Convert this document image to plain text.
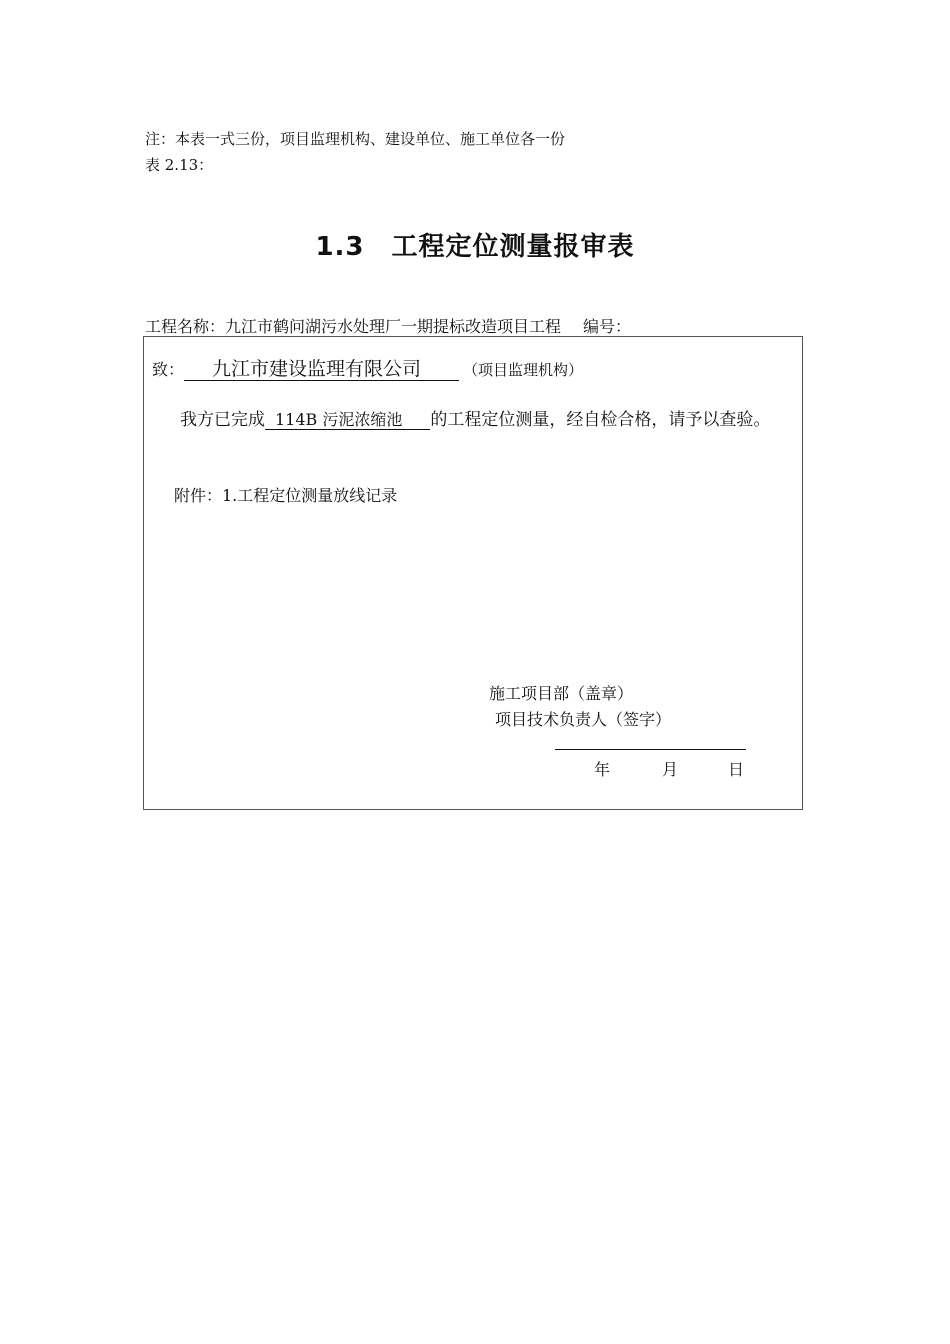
注：本表一式三份，项目监理机构、建设单位、施工单位各一份
表 2.13：
1.3　工程定位测量报审表
工程名称：九江市鹤问湖污水处理厂一期提标改造项目工程 编号：
致： 九江市建设监理有限公司	（项目监理机构）
我方已完成 114B 污泥浓缩池 的工程定位测量，经自检合格，请予以查验。
附件：1.工程定位测量放线记录
施工项目部（盖章）
项目技术负责人（签字）
年	月	日
